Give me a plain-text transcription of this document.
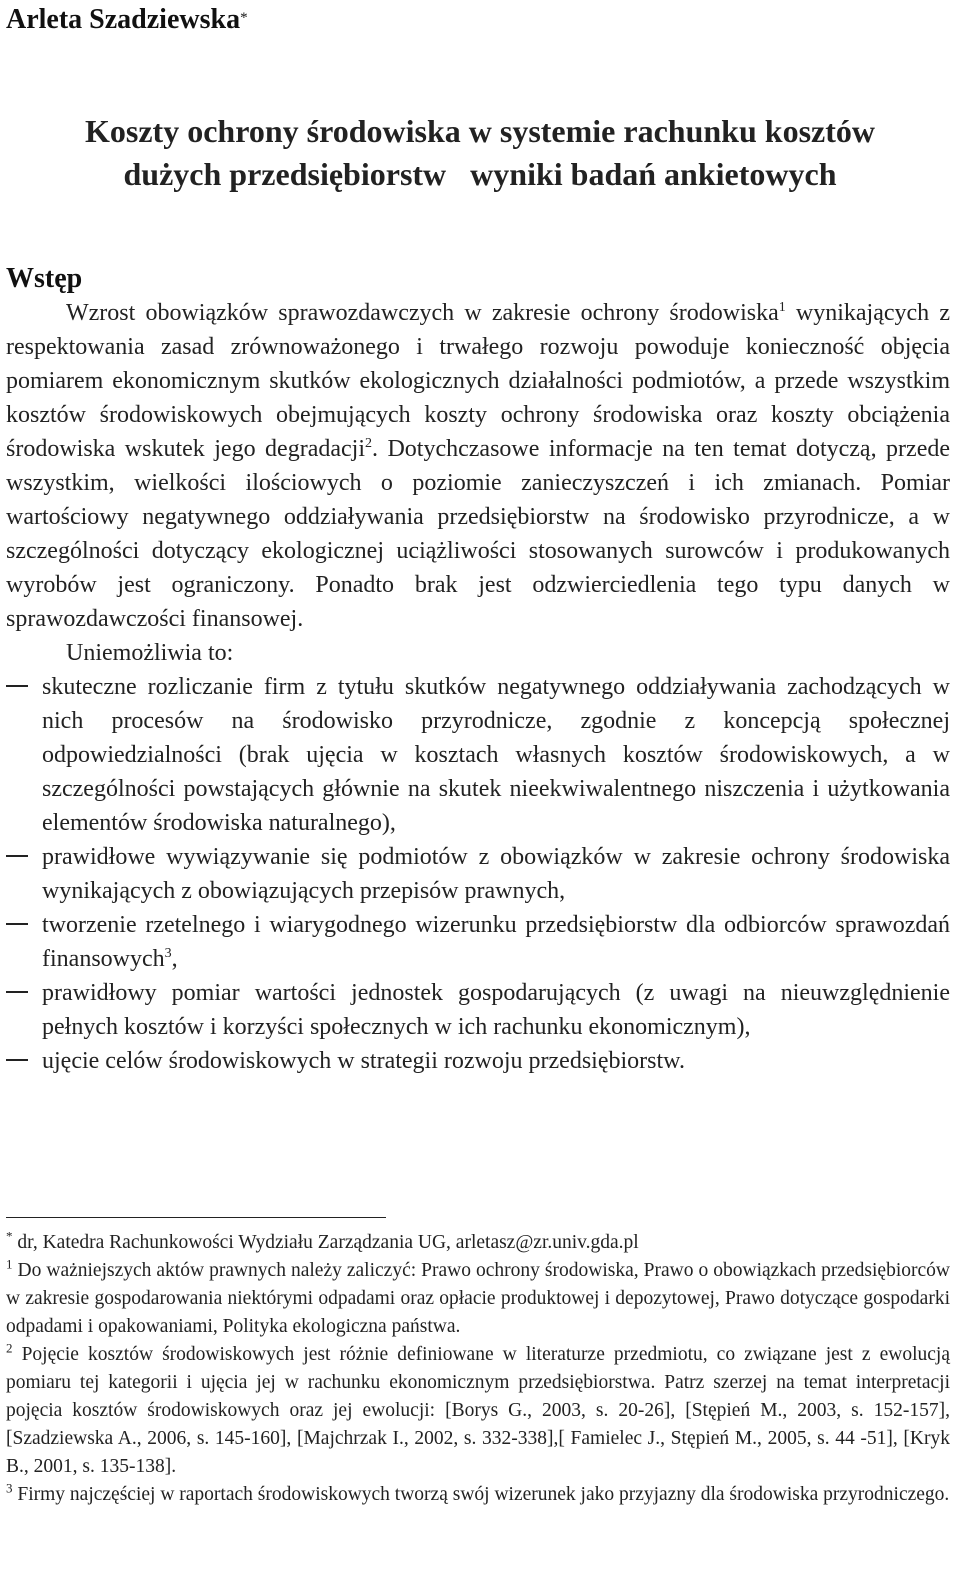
Arleta Szadziewska*
Koszty ochrony środowiska w systemie rachunku kosztów
dużych przedsiębiorstw   wyniki badań ankietowych
Wstęp

Wzrost obowiązków sprawozdawczych w zakresie ochrony środowiska$^1$ wynikających z respektowania zasad zrównoważonego i trwałego rozwoju powoduje konieczność objęcia pomiarem ekonomicznym skutków ekologicznych działalności podmiotów, a przede wszystkim kosztów środowiskowych obejmujących koszty ochrony środowiska oraz koszty obciążenia środowiska wskutek jego degradacji$^2$. Dotychczasowe informacje na ten temat dotyczą, przede wszystkim, wielkości ilościowych o poziomie zanieczyszczeń i ich zmianach. Pomiar wartościowy negatywnego oddziaływania przedsiębiorstw na środowisko przyrodnicze, a w szczególności dotyczący ekologicznej uciążliwości stosowanych surowców i produkowanych wyrobów jest ograniczony. Ponadto brak jest odzwierciedlenia tego typu danych w sprawozdawczości finansowej.

Uniemożliwia to:

skuteczne rozliczanie firm z tytułu skutków negatywnego oddziaływania zachodzących w nich procesów na środowisko przyrodnicze, zgodnie z koncepcją społecznej odpowiedzialności (brak ujęcia w kosztach własnych kosztów środowiskowych, a w szczególności powstających głównie na skutek nieekwiwalentnego niszczenia i użytkowania elementów środowiska naturalnego),
prawidłowe wywiązywanie się podmiotów z obowiązków w zakresie ochrony środowiska wynikających z obowiązujących przepisów prawnych,
tworzenie rzetelnego i wiarygodnego wizerunku przedsiębiorstw dla odbiorców sprawozdań finansowych$^3$,
prawidłowy pomiar wartości jednostek gospodarujących (z uwagi na nieuwzględnienie pełnych kosztów i korzyści społecznych w ich rachunku ekonomicznym),
ujęcie celów środowiskowych w strategii rozwoju przedsiębiorstw.

* dr, Katedra Rachunkowości Wydziału Zarządzania UG, arletasz@zr.univ.gda.pl

$^1$ Do ważniejszych aktów prawnych należy zaliczyć: Prawo ochrony środowiska, Prawo o obowiązkach przedsiębiorców w zakresie gospodarowania niektórymi odpadami oraz opłacie produktowej i depozytowej, Prawo dotyczące gospodarki odpadami i opakowaniami, Polityka ekologiczna państwa.

$^2$ Pojęcie kosztów środowiskowych jest różnie definiowane w literaturze przedmiotu, co związane jest z ewolucją pomiaru tej kategorii i ujęcia jej w rachunku ekonomicznym przedsiębiorstwa. Patrz szerzej na temat interpretacji pojęcia kosztów środowiskowych oraz jej ewolucji: [Borys G., 2003, s. 20-26], [Stępień M., 2003, s. 152-157], [Szadziewska A., 2006, s. 145-160], [Majchrzak I., 2002, s. 332-338],[ Famielec J., Stępień M., 2005, s. 44 -51], [Kryk B., 2001, s. 135-138].

$^3$ Firmy najczęściej w raportach środowiskowych tworzą swój wizerunek jako przyjazny dla środowiska przyrodniczego.
